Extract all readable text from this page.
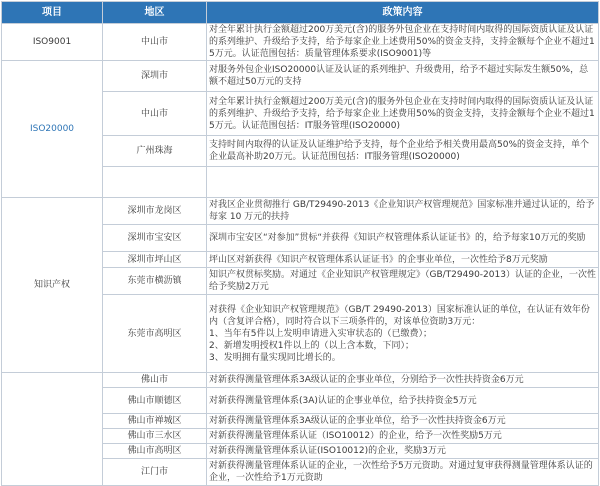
项目	地区	政策内容
ISO9001	中山市	对全年累计执行金额超过200万美元(含)的服务外包企业在支持时间内取得的国际资质认证及认证的系列维护、升级给予支持，给予每家企业上述费用50%的资金支持，支持金额每个企业不超过15万元。认证范围包括：质量管理体系要求(ISO9001)等
ISO20000	深圳市	对服务外包企业ISO20000认证及认证的系列维护、升级费用，给予不超过实际发生额50%，总额不超过50万元的支持
	中山市	对全年累计执行金额超过200万美元(含)的服务外包企业在支持时间内取得的国际资质认证及认证的系列维护、升级给予支持，给予每家企业上述费用50%的资金支持，支持金额每个企业不超过15万元。认证范围包括：IT服务管理(ISO20000)
	广州珠海	支持时间内取得的认证及认证维护给予支持，每个企业给予相关费用最高50%的资金支持，单个企业最高补助20万元。认证范围包括：IT服务管理(ISO20000)

知识产权	深圳市龙岗区	对我区企业贯彻推行 GB/T29490-2013《企业知识产权管理规范》国家标准并通过认证的，给予每家 10 万元的扶持
	深圳市宝安区	深圳市宝安区“对参加”贯标“并获得《知识产权管理体系认证证书》的，给予每家10万元的奖励
	深圳市坪山区	坪山区对新获得《知识产权管理体系认证证书》的企事业单位，一次性给予8万元奖励
	东莞市横沥镇	知识产权贯标奖励。对通过《企业知识产权管理规定》（GB/T29490-2013）认证的企业，一次性给予奖励2万元
	东莞市高明区	对获得《企业知识产权管理规范》（GB/T 29490-2013）国家标准认证的单位，在认证有效年份内（含复评合格），同时符合以下三项条件的，对该单位资助3万元：
1、当年有5件以上发明申请进入实审状态的（已缴费）；
2、新增发明授权1件以上的（以上含本数，下同）；
3、发明拥有量实现同比增长的。

	佛山市	对新获得测量管理体系3A级认证的企事业单位，分别给予一次性扶持资金6万元
	佛山市顺德区	对新获得测量管理体系(3A)认证的企事业单位，给予扶持资金5万元
	佛山市禅城区	对新获得测量管理体系3A级认证的企事业单位，给予一次性扶持资金6万元
	佛山市三水区	对新获得测量管理体系认证（ISO10012）的企业，给予一次性奖励5万元
	佛山市高明区	对新获得测量管理体系认证(ISO10012)的企业，奖励3万元
	江门市	对新获得测量管理体系认证的企业，一次性给予5万元资助。对通过复审获得测量管理体系认证的企业，一次性给予1万元资助
